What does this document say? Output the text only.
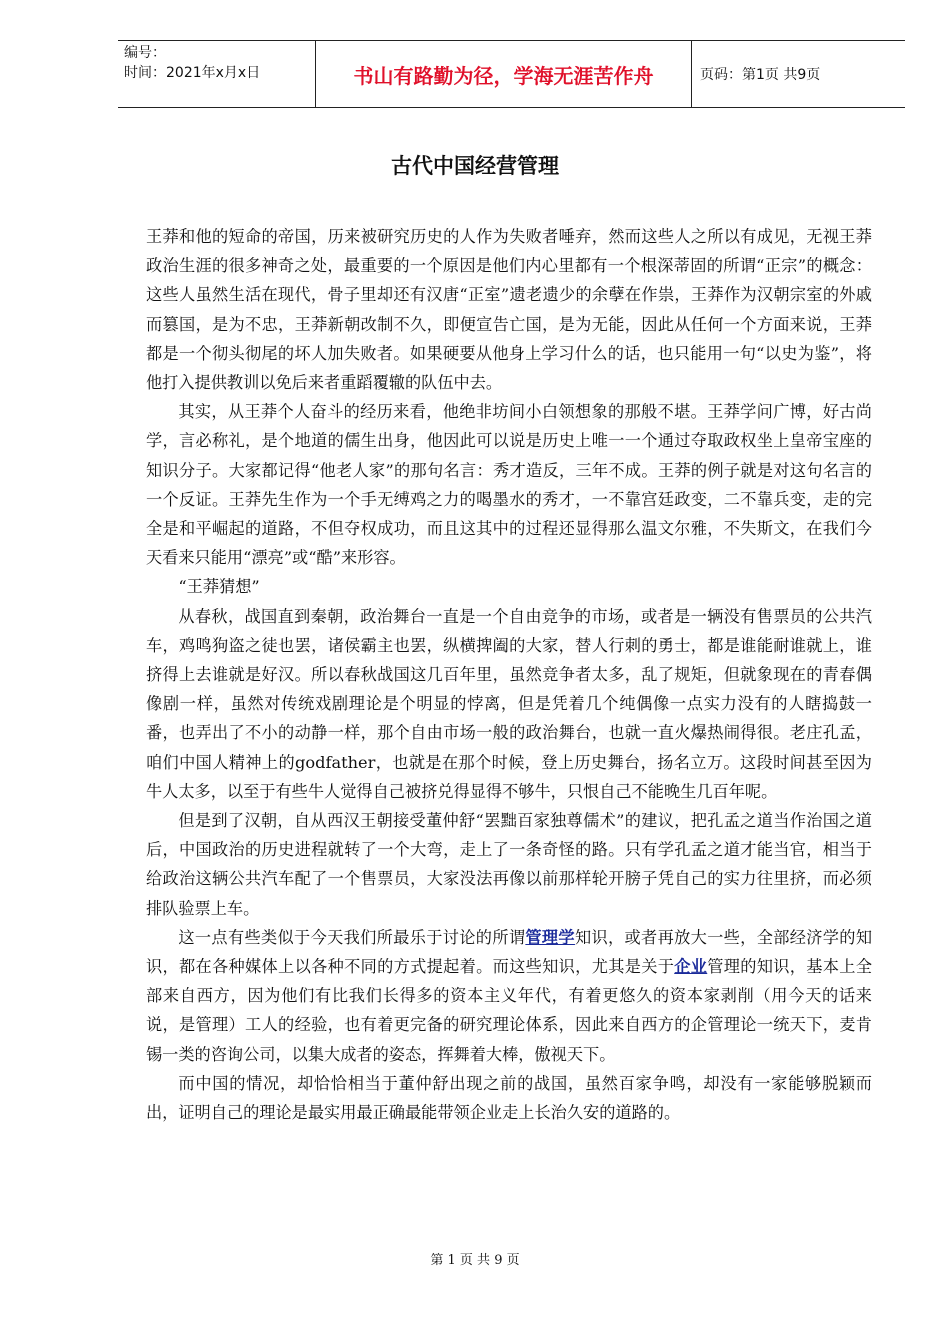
编号：
时间：2021年x月x日	书山有路勤为径，学海无涯苦作舟	页码：第1页 共9页
古代中国经营管理

王莽和他的短命的帝国，历来被研究历史的人作为失败者唾弃，然而这些人之所以有成见，无视王莽政治生涯的很多神奇之处，最重要的一个原因是他们内心里都有一个根深蒂固的所谓“正宗”的概念：这些人虽然生活在现代，骨子里却还有汉唐“正室”遗老遗少的余孽在作祟，王莽作为汉朝宗室的外戚而篡国，是为不忠，王莽新朝改制不久，即便宣告亡国，是为无能，因此从任何一个方面来说，王莽都是一个彻头彻尾的坏人加失败者。如果硬要从他身上学习什么的话，也只能用一句“以史为鉴”，将他打入提供教训以免后来者重蹈覆辙的队伍中去。

其实，从王莽个人奋斗的经历来看，他绝非坊间小白领想象的那般不堪。王莽学问广博，好古尚学，言必称礼，是个地道的儒生出身，他因此可以说是历史上唯一一个通过夺取政权坐上皇帝宝座的知识分子。大家都记得“他老人家”的那句名言：秀才造反，三年不成。王莽的例子就是对这句名言的一个反证。王莽先生作为一个手无缚鸡之力的喝墨水的秀才，一不靠宫廷政变，二不靠兵变，走的完全是和平崛起的道路，不但夺权成功，而且这其中的过程还显得那么温文尔雅，不失斯文，在我们今天看来只能用“漂亮”或“酷”来形容。

“王莽猜想”

从春秋，战国直到秦朝，政治舞台一直是一个自由竞争的市场，或者是一辆没有售票员的公共汽车，鸡鸣狗盗之徒也罢，诸侯霸主也罢，纵横捭阖的大家，替人行刺的勇士，都是谁能耐谁就上，谁挤得上去谁就是好汉。所以春秋战国这几百年里，虽然竞争者太多，乱了规矩，但就象现在的青春偶像剧一样，虽然对传统戏剧理论是个明显的悖离，但是凭着几个纯偶像一点实力没有的人瞎捣鼓一番，也弄出了不小的动静一样，那个自由市场一般的政治舞台，也就一直火爆热闹得很。老庄孔孟，咱们中国人精神上的godfather，也就是在那个时候，登上历史舞台，扬名立万。这段时间甚至因为牛人太多，以至于有些牛人觉得自己被挤兑得显得不够牛，只恨自己不能晚生几百年呢。

但是到了汉朝，自从西汉王朝接受董仲舒“罢黜百家独尊儒术”的建议，把孔孟之道当作治国之道后，中国政治的历史进程就转了一个大弯，走上了一条奇怪的路。只有学孔孟之道才能当官，相当于给政治这辆公共汽车配了一个售票员，大家没法再像以前那样轮开膀子凭自己的实力往里挤，而必须排队验票上车。

这一点有些类似于今天我们所最乐于讨论的所谓管理学知识，或者再放大一些，全部经济学的知识，都在各种媒体上以各种不同的方式提起着。而这些知识，尤其是关于企业管理的知识，基本上全部来自西方，因为他们有比我们长得多的资本主义年代，有着更悠久的资本家剥削（用今天的话来说，是管理）工人的经验，也有着更完备的研究理论体系，因此来自西方的企管理论一统天下，麦肯锡一类的咨询公司，以集大成者的姿态，挥舞着大棒，傲视天下。

而中国的情况，却恰恰相当于董仲舒出现之前的战国，虽然百家争鸣，却没有一家能够脱颖而出，证明自己的理论是最实用最正确最能带领企业走上长治久安的道路的。

第 1 页 共 9 页
